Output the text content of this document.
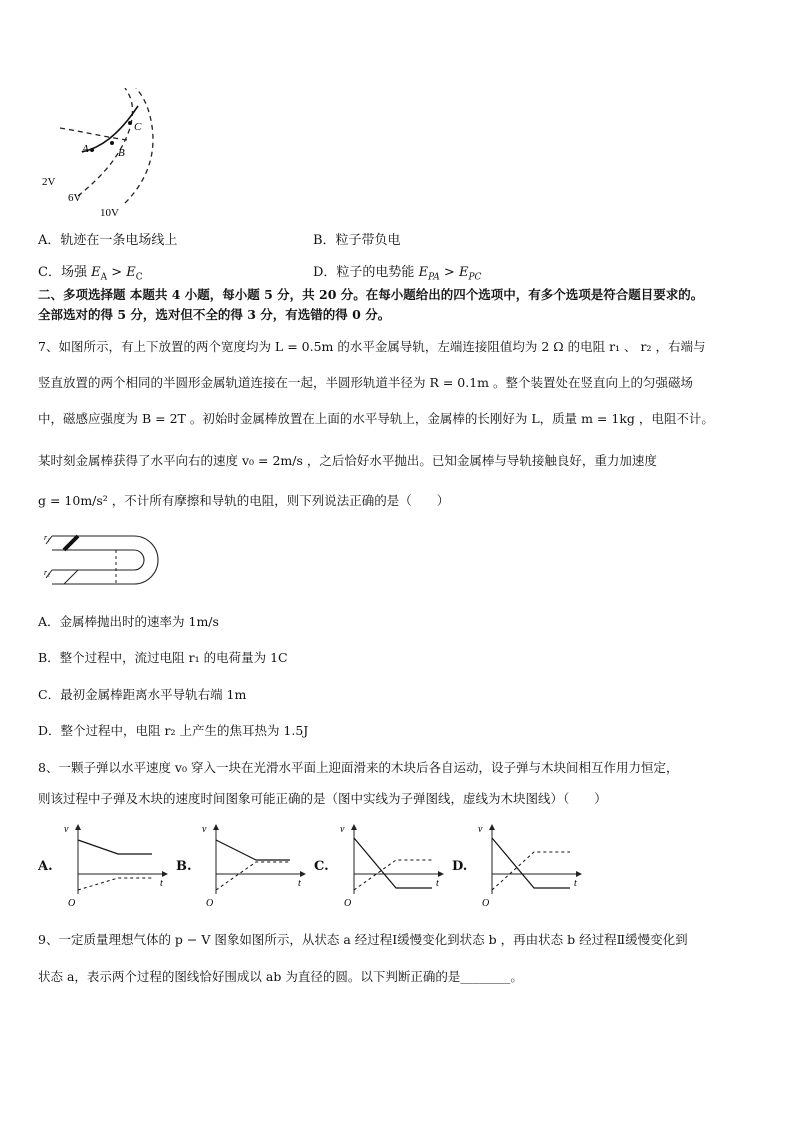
A	B
C
2V
6V
10V
A．轨迹在一条电场线上	B．粒子带负电
C．场强 $E_A > E_C$	D．粒子的电势能 $E_{PA} > E_{PC}$
二、多项选择题 本题共 4 小题，每小题 5 分，共 20 分。在每小题给出的四个选项中，有多个选项是符合题目要求的。
全部选对的得 5 分，选对但不全的得 3 分，有选错的得 0 分。
7、如图所示，有上下放置的两个宽度均为 L = 0.5m 的水平金属导轨，左端连接阻值均为 2 Ω 的电阻 r₁ 、 r₂ ，右端与
竖直放置的两个相同的半圆形金属轨道连接在一起，半圆形轨道半径为 R = 0.1m 。整个装置处在竖直向上的匀强磁场
中，磁感应强度为 B = 2T 。初始时金属棒放置在上面的水平导轨上，金属棒的长刚好为 L，质量 m = 1kg ，电阻不计。
某时刻金属棒获得了水平向右的速度 v₀ = 2m/s ，之后恰好水平抛出。已知金属棒与导轨接触良好，重力加速度
g = 10m/s² ，不计所有摩擦和导轨的电阻，则下列说法正确的是（　　）
r₁
r₂
A．金属棒抛出时的速率为 1m/s
B．整个过程中，流过电阻 r₁ 的电荷量为 1C
C．最初金属棒距离水平导轨右端 1m
D．整个过程中，电阻 r₂ 上产生的焦耳热为 1.5J
8、一颗子弹以水平速度 v₀ 穿入一块在光滑水平面上迎面滑来的木块后各自运动，设子弹与木块间相互作用力恒定，
则该过程中子弹及木块的速度时间图象可能正确的是（图中实线为子弹图线，虚线为木块图线）（　　）
A.
v
t
O
B.
v
t
O
C.
v
t
O
D.
v
t
O
9、一定质量理想气体的 p − V 图象如图所示，从状态 a 经过程Ⅰ缓慢变化到状态 b ，再由状态 b 经过程Ⅱ缓慢变化到
状态 a，表示两个过程的图线恰好围成以 ab 为直径的圆。以下判断正确的是________。
